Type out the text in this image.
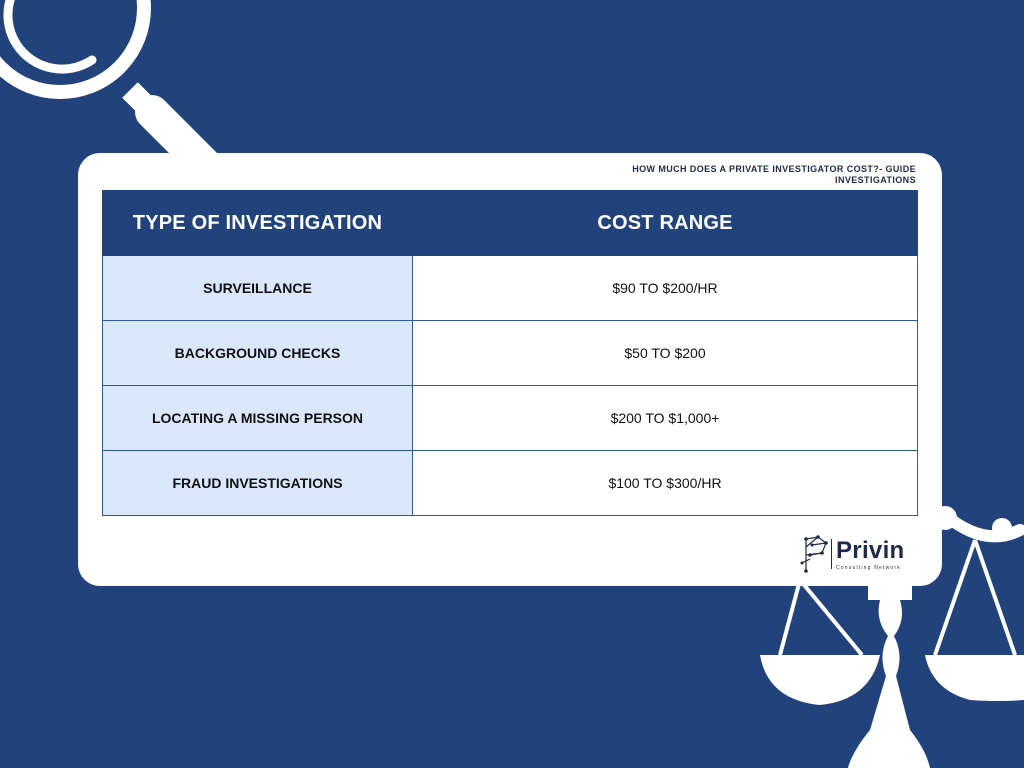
HOW MUCH DOES A PRIVATE INVESTIGATOR COST?- GUIDE
INVESTIGATIONS
TYPE OF INVESTIGATION	COST RANGE
SURVEILLANCE	$90 TO $200/HR
BACKGROUND CHECKS	$50 TO $200
LOCATING A MISSING PERSON	$200 TO $1,000+
FRAUD INVESTIGATIONS	$100 TO $300/HR
Privin
Consulting Network
